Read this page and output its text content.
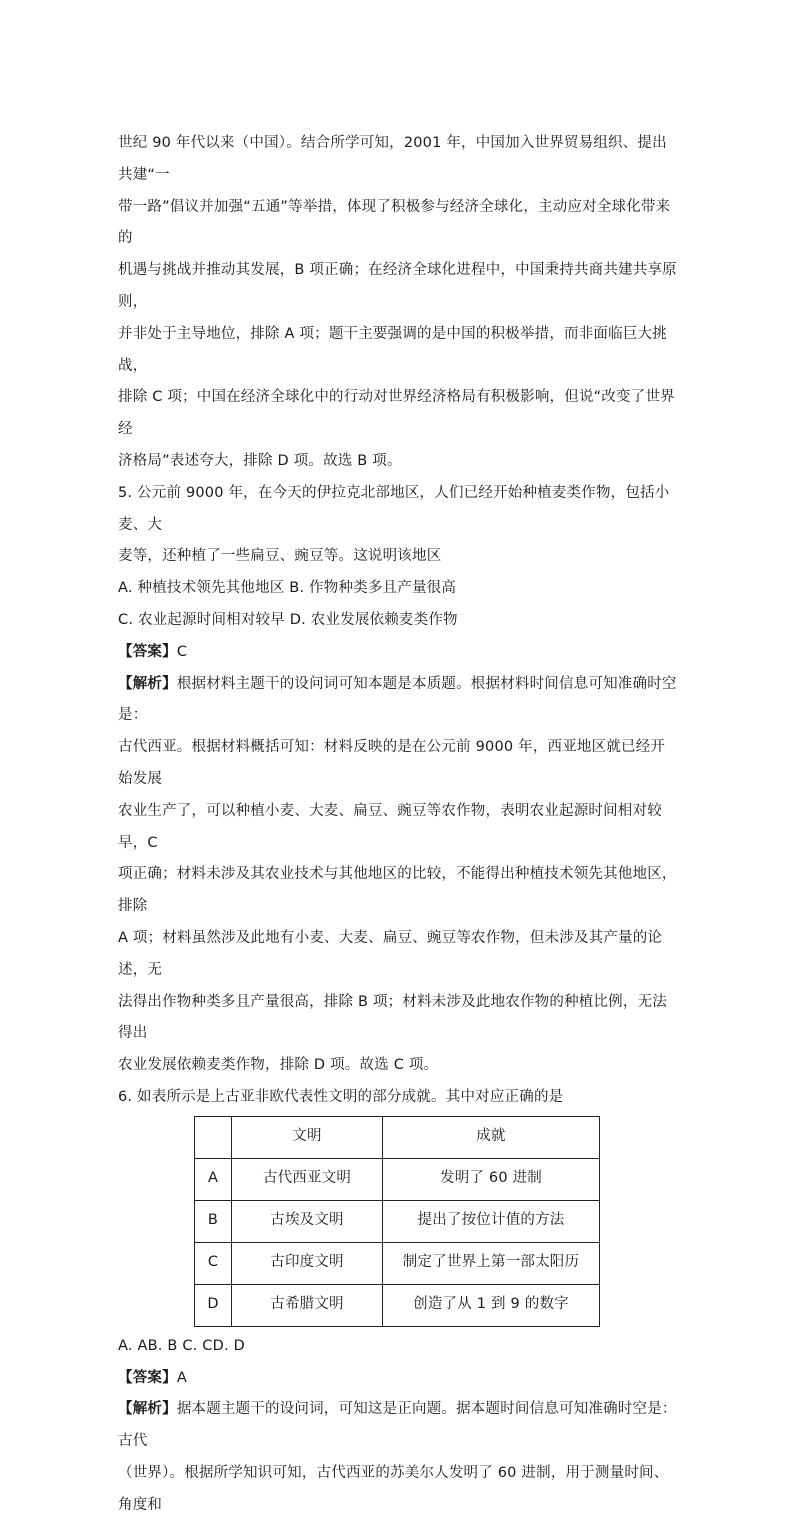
世纪 90 年代以来（中国）。结合所学可知，2001 年，中国加入世界贸易组织、提出共建“一

带一路”倡议并加强“五通”等举措，体现了积极参与经济全球化，主动应对全球化带来的

机遇与挑战并推动其发展，B 项正确；在经济全球化进程中，中国秉持共商共建共享原则，

并非处于主导地位，排除 A 项；题干主要强调的是中国的积极举措，而非面临巨大挑战，

排除 C 项；中国在经济全球化中的行动对世界经济格局有积极影响，但说“改变了世界经

济格局”表述夸大，排除 D 项。故选 B 项。

5. 公元前 9000 年，在今天的伊拉克北部地区，人们已经开始种植麦类作物，包括小麦、大

麦等，还种植了一些扁豆、豌豆等。这说明该地区

A. 种植技术领先其他地区 B. 作物种类多且产量很高

C. 农业起源时间相对较早 D. 农业发展依赖麦类作物

【答案】C

【解析】根据材料主题干的设问词可知本题是本质题。根据材料时间信息可知准确时空是：

古代西亚。根据材料概括可知：材料反映的是在公元前 9000 年，西亚地区就已经开始发展

农业生产了，可以种植小麦、大麦、扁豆、豌豆等农作物，表明农业起源时间相对较早，C

项正确；材料未涉及其农业技术与其他地区的比较，不能得出种植技术领先其他地区，排除

A 项；材料虽然涉及此地有小麦、大麦、扁豆、豌豆等农作物，但未涉及其产量的论述，无

法得出作物种类多且产量很高，排除 B 项；材料未涉及此地农作物的种植比例，无法得出

农业发展依赖麦类作物，排除 D 项。故选 C 项。

6. 如表所示是上古亚非欧代表性文明的部分成就。其中对应正确的是

	文明	成就
A	古代西亚文明	发明了 60 进制
B	古埃及文明	提出了按位计值的方法
C	古印度文明	制定了世界上第一部太阳历
D	古希腊文明	创造了从 1 到 9 的数字

A. AB. B C. CD. D

【答案】A

【解析】据本题主题干的设问词，可知这是正向题。据本题时间信息可知准确时空是：古代

（世界）。根据所学知识可知，古代西亚的苏美尔人发明了 60 进制，用于测量时间、角度和
